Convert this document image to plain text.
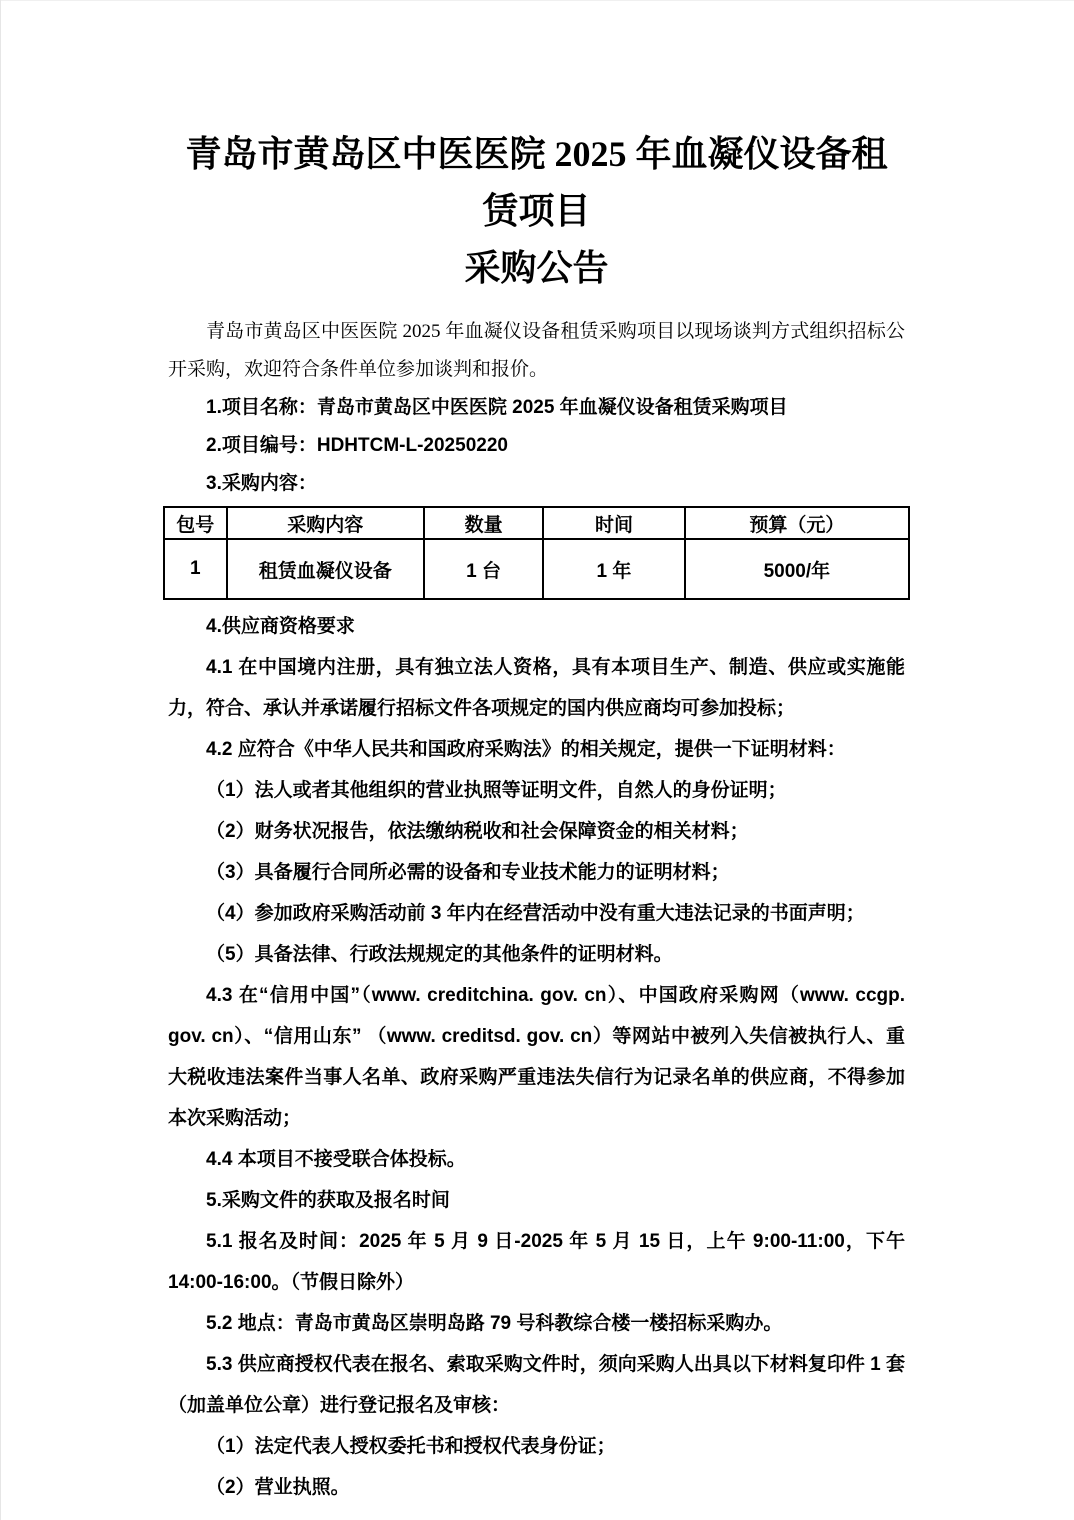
青岛市黄岛区中医医院 2025 年血凝仪设备租赁项目
采购公告

青岛市黄岛区中医医院 2025 年血凝仪设备租赁采购项目以现场谈判方式组织招标公开采购，欢迎符合条件单位参加谈判和报价。

1.项目名称：青岛市黄岛区中医医院 2025 年血凝仪设备租赁采购项目

2.项目编号：HDHTCM-L-20250220

3.采购内容：

包号	采购内容	数量	时间	预算（元）
1	租赁血凝仪设备	1 台	1 年	5000/年

4.供应商资格要求

4.1 在中国境内注册，具有独立法人资格，具有本项目生产、制造、供应或实施能力，符合、承认并承诺履行招标文件各项规定的国内供应商均可参加投标；

4.2 应符合《中华人民共和国政府采购法》的相关规定，提供一下证明材料：

（1）法人或者其他组织的营业执照等证明文件，自然人的身份证明；

（2）财务状况报告，依法缴纳税收和社会保障资金的相关材料；

（3）具备履行合同所必需的设备和专业技术能力的证明材料；

（4）参加政府采购活动前 3 年内在经营活动中没有重大违法记录的书面声明；

（5）具备法律、行政法规规定的其他条件的证明材料。

4.3 在“信用中国”（www. creditchina. gov. cn）、中国政府采购网（www. ccgp. gov. cn）、“信用山东” （www. creditsd. gov. cn）等网站中被列入失信被执行人、重大税收违法案件当事人名单、政府采购严重违法失信行为记录名单的供应商，不得参加本次采购活动；

4.4 本项目不接受联合体投标。

5.采购文件的获取及报名时间

5.1 报名及时间：2025 年 5 月 9 日-2025 年 5 月 15 日，上午 9:00-11:00，下午 14:00-16:00。（节假日除外）

5.2 地点：青岛市黄岛区崇明岛路 79 号科教综合楼一楼招标采购办。

5.3 供应商授权代表在报名、索取采购文件时，须向采购人出具以下材料复印件 1 套（加盖单位公章）进行登记报名及审核：

（1）法定代表人授权委托书和授权代表身份证；

（2）营业执照。
